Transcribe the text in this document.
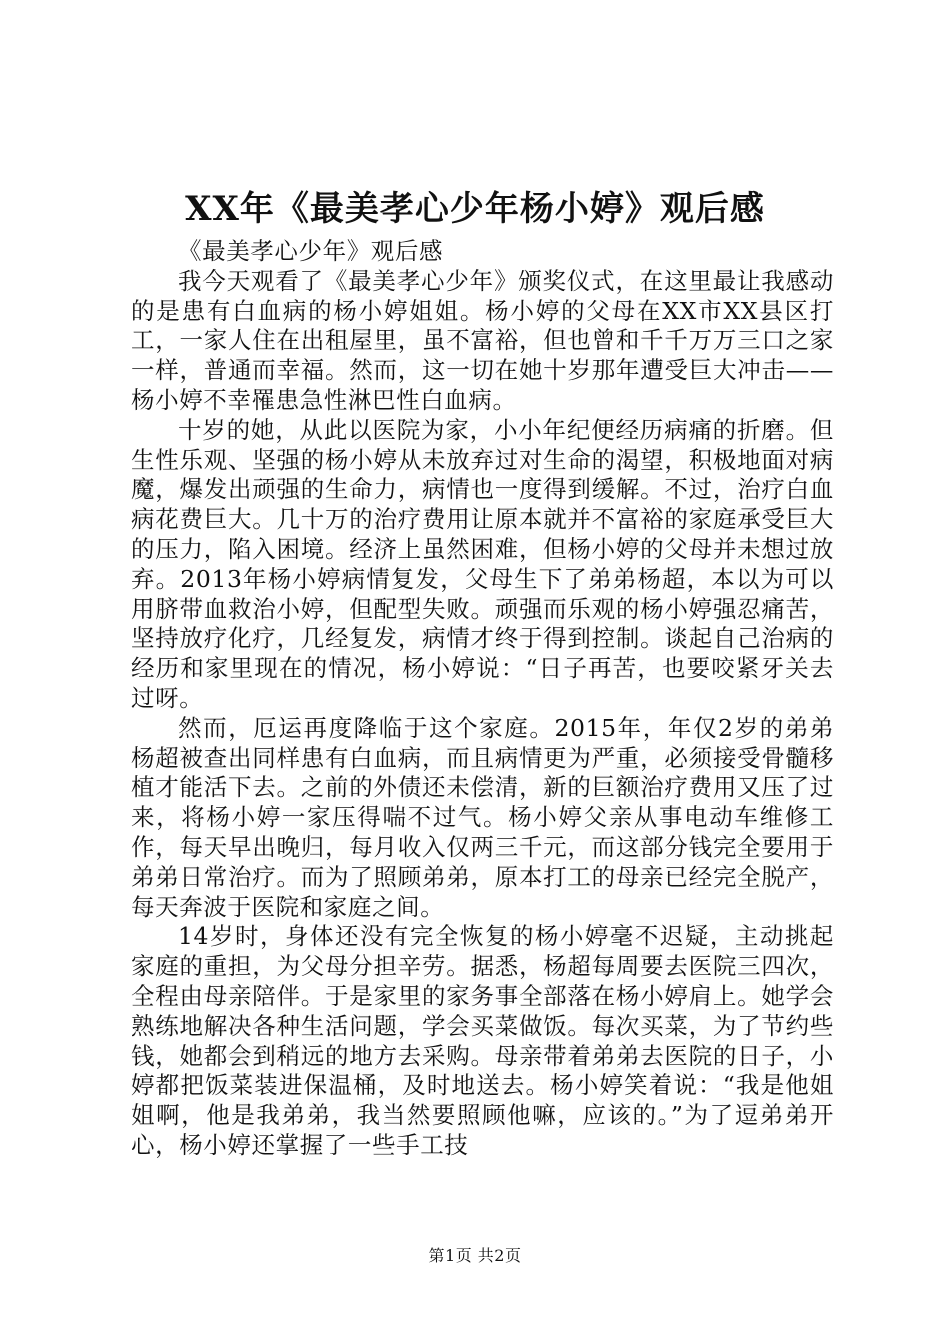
XX年《最美孝心少年杨小婷》观后感

《最美孝心少年》观后感

我今天观看了《最美孝心少年》颁奖仪式，在这里最让我感动的是患有白血病的杨小婷姐姐。杨小婷的父母在XX市XX县区打工，一家人住在出租屋里，虽不富裕，但也曾和千千万万三口之家一样，普通而幸福。然而，这一切在她十岁那年遭受巨大冲击——杨小婷不幸罹患急性淋巴性白血病。

十岁的她，从此以医院为家，小小年纪便经历病痛的折磨。但生性乐观、坚强的杨小婷从未放弃过对生命的渴望，积极地面对病魔，爆发出顽强的生命力，病情也一度得到缓解。不过，治疗白血病花费巨大。几十万的治疗费用让原本就并不富裕的家庭承受巨大的压力，陷入困境。经济上虽然困难，但杨小婷的父母并未想过放弃。2013年杨小婷病情复发，父母生下了弟弟杨超，本以为可以用脐带血救治小婷，但配型失败。顽强而乐观的杨小婷强忍痛苦，坚持放疗化疗，几经复发，病情才终于得到控制。谈起自己治病的经历和家里现在的情况，杨小婷说：“日子再苦，也要咬紧牙关去过呀。

然而，厄运再度降临于这个家庭。2015年，年仅2岁的弟弟杨超被查出同样患有白血病，而且病情更为严重，必须接受骨髓移植才能活下去。之前的外债还未偿清，新的巨额治疗费用又压了过来，将杨小婷一家压得喘不过气。杨小婷父亲从事电动车维修工作，每天早出晚归，每月收入仅两三千元，而这部分钱完全要用于弟弟日常治疗。而为了照顾弟弟，原本打工的母亲已经完全脱产，每天奔波于医院和家庭之间。

14岁时，身体还没有完全恢复的杨小婷毫不迟疑，主动挑起家庭的重担，为父母分担辛劳。据悉，杨超每周要去医院三四次，全程由母亲陪伴。于是家里的家务事全部落在杨小婷肩上。她学会熟练地解决各种生活问题，学会买菜做饭。每次买菜，为了节约些钱，她都会到稍远的地方去采购。母亲带着弟弟去医院的日子，小婷都把饭菜装进保温桶，及时地送去。杨小婷笑着说：“我是他姐姐啊，他是我弟弟，我当然要照顾他嘛，应该的。”为了逗弟弟开心，杨小婷还掌握了一些手工技

第1页 共2页
